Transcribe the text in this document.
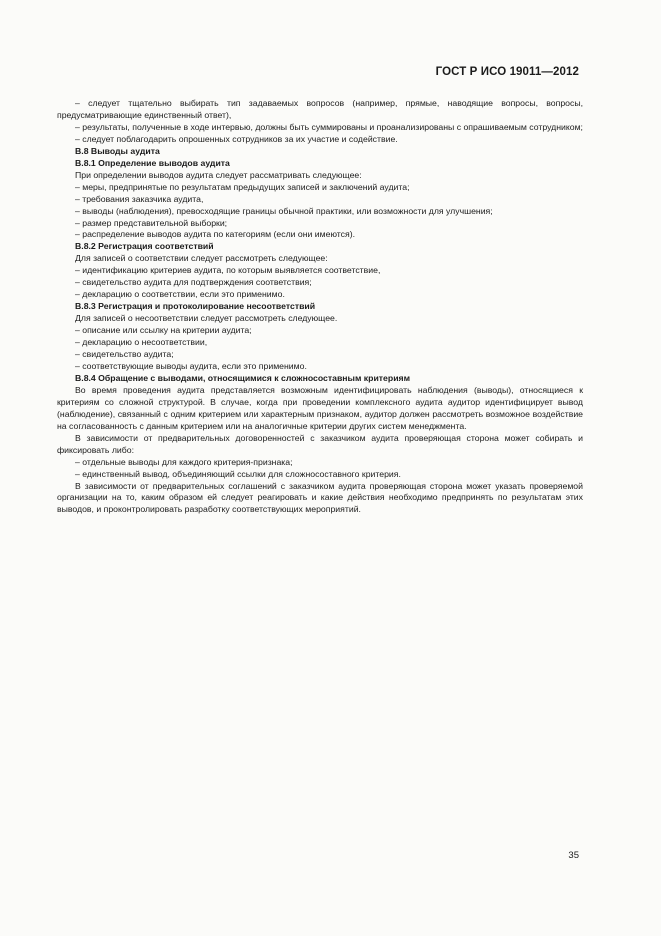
ГОСТ Р ИСО 19011—2012

– следует тщательно выбирать тип задаваемых вопросов (например, прямые, наводящие вопросы, вопросы, предусматривающие единственный ответ),

– результаты, полученные в ходе интервью, должны быть суммированы и проанализированы с опрашиваемым сотрудником;

– следует поблагодарить опрошенных сотрудников за их участие и содействие.

B.8 Выводы аудита

B.8.1 Определение выводов аудита

При определении выводов аудита следует рассматривать следующее:

– меры, предпринятые по результатам предыдущих записей и заключений аудита;

– требования заказчика аудита,

– выводы (наблюдения), превосходящие границы обычной практики, или возможности для улучшения;

– размер представительной выборки;

– распределение выводов аудита по категориям (если они имеются).

B.8.2 Регистрация соответствий

Для записей о соответствии следует рассмотреть следующее:

– идентификацию критериев аудита, по которым выявляется соответствие,

– свидетельство аудита для подтверждения соответствия;

– декларацию о соответствии, если это применимо.

B.8.3 Регистрация и протоколирование несоответствий

Для записей о несоответствии следует рассмотреть следующее.

– описание или ссылку на критерии аудита;

– декларацию о несоответствии,

– свидетельство аудита;

– соответствующие выводы аудита, если это применимо.

B.8.4 Обращение с выводами, относящимися к сложносоставным критериям

Во время проведения аудита представляется возможным идентифицировать наблюдения (выводы), относящиеся к критериям со сложной структурой. В случае, когда при проведении комплексного аудита аудитор идентифицирует вывод (наблюдение), связанный с одним критерием или характерным признаком, аудитор должен рассмотреть возможное воздействие на согласованность с данным критерием или на аналогичные критерии других систем менеджмента.

В зависимости от предварительных договоренностей с заказчиком аудита проверяющая сторона может собирать и фиксировать либо:

– отдельные выводы для каждого критерия-признака;

– единственный вывод, объединяющий ссылки для сложносоставного критерия.

В зависимости от предварительных соглашений с заказчиком аудита проверяющая сторона может указать проверяемой организации на то, каким образом ей следует реагировать и какие действия необходимо предпринять по результатам этих выводов, и проконтролировать разработку соответствующих мероприятий.

35
